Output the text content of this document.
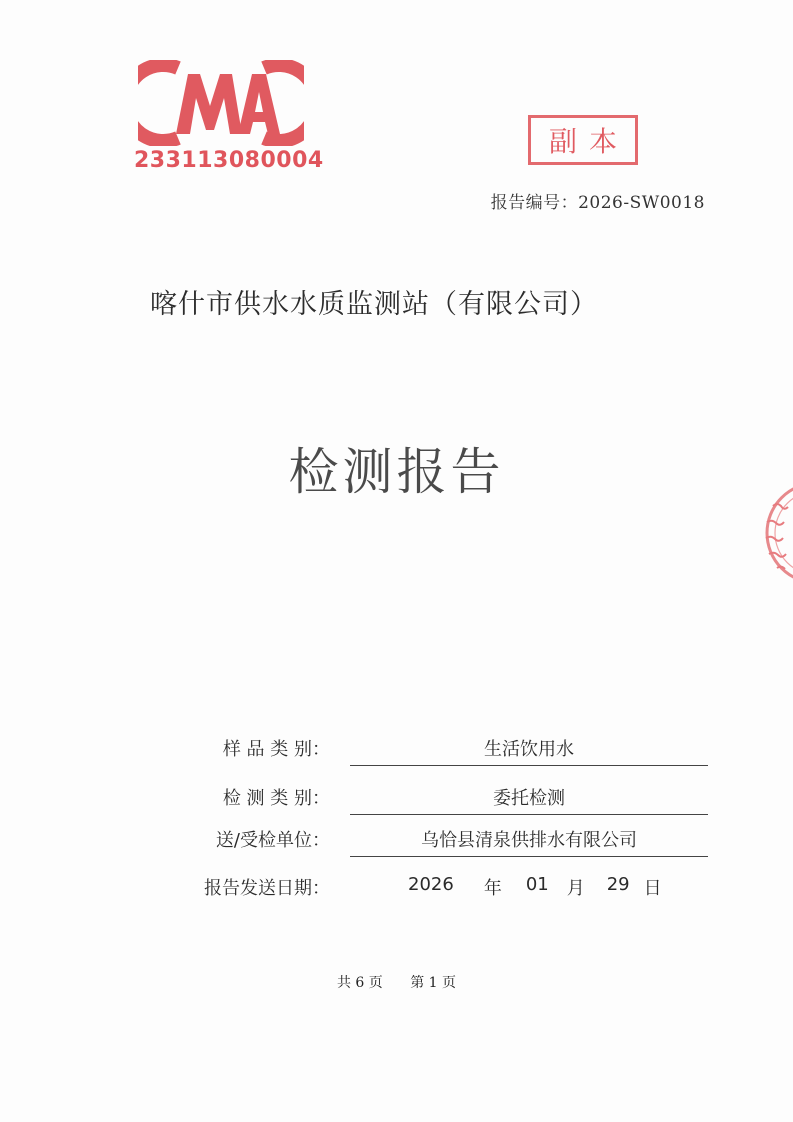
233113080004
副本
报告编号：2026-SW0018
喀什市供水水质监测站（有限公司）
检测报告
样 品 类 别：	生活饮用水
检 测 类 别：	委托检测
送/受检单位：	乌恰县清泉供排水有限公司
报告发送日期：	2026 年 01 月 29 日
共 6 页 第 1 页
